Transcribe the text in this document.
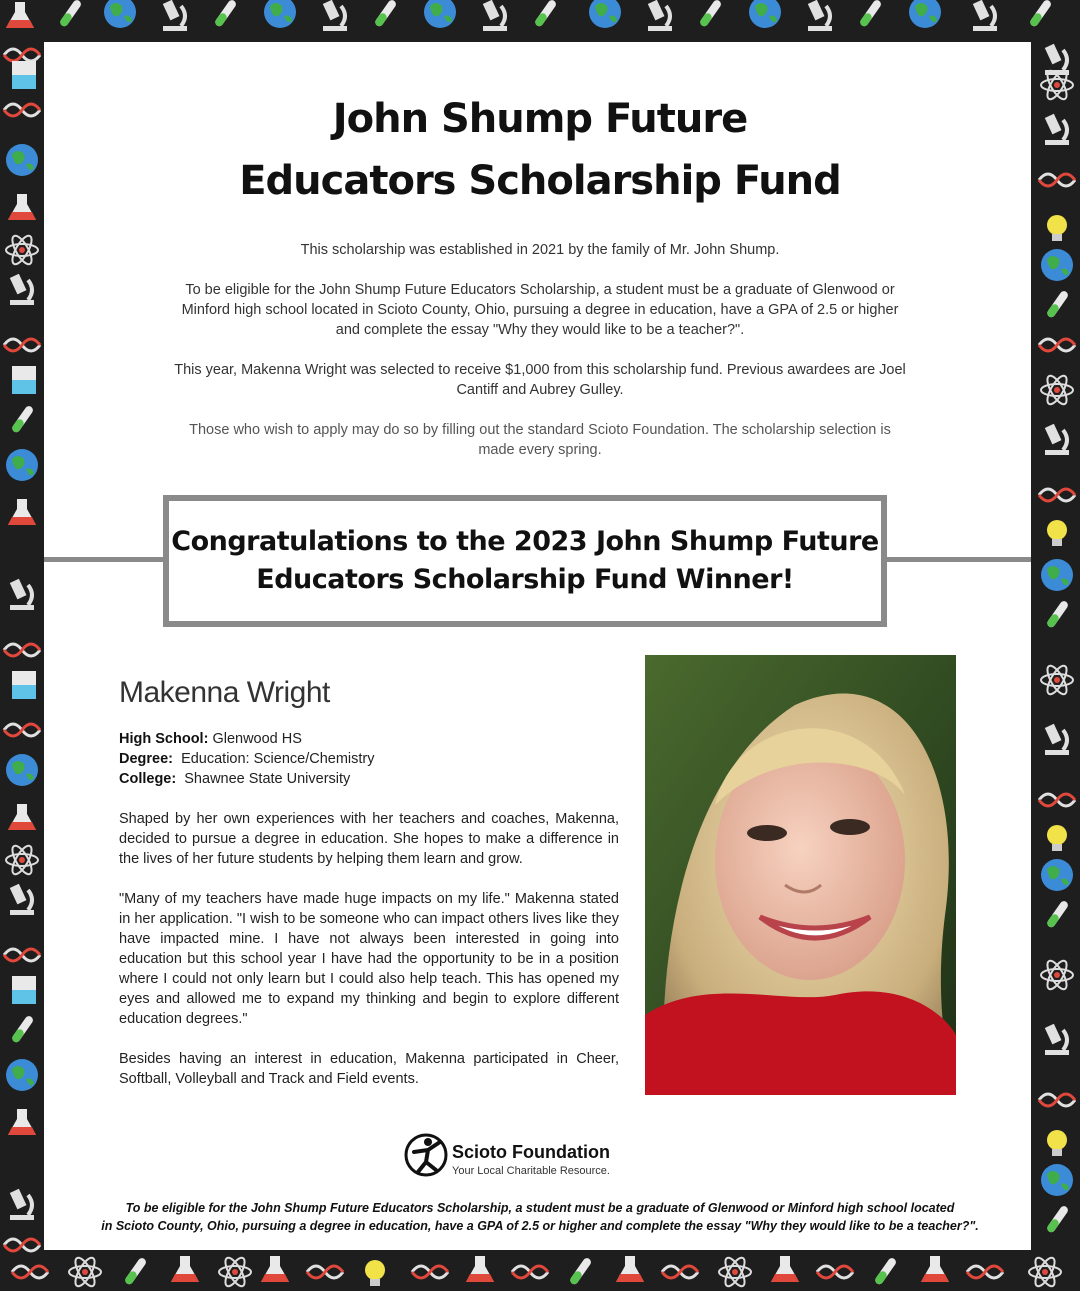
John Shump Future
Educators Scholarship Fund

This scholarship was established in 2021 by the family of Mr. John Shump.

To be eligible for the John Shump Future Educators Scholarship, a student must be a graduate of Glenwood or Minford high school located in Scioto County, Ohio, pursuing a degree in education, have a GPA of 2.5 or higher and complete the essay "Why they would like to be a teacher?".

This year, Makenna Wright was selected to receive $1,000 from this scholarship fund. Previous awardees are Joel Cantiff and Aubrey Gulley.

Those who wish to apply may do so by filling out the standard Scioto Foundation. The scholarship selection is made every spring.

Congratulations to the 2023 John Shump Future
Educators Scholarship Fund Winner!
Makenna Wright
High School: Glenwood HS
Degree: Education: Science/Chemistry
College: Shawnee State University

Shaped by her own experiences with her teachers and coaches, Makenna, decided to pursue a degree in education. She hopes to make a difference in the lives of her future students by helping them learn and grow.

"Many of my teachers have made huge impacts on my life." Makenna stated in her application. "I wish to be someone who can impact others lives like they have impacted mine. I have not always been interested in going into education but this school year I have had the opportunity to be in a position where I could not only learn but I could also help teach. This has opened my eyes and allowed me to expand my thinking and begin to explore different education degrees."

Besides having an interest in education, Makenna participated in Cheer, Softball, Volleyball and Track and Field events.

Scioto Foundation
Your Local Charitable Resource.
To be eligible for the John Shump Future Educators Scholarship, a student must be a graduate of Glenwood or Minford high school located
in Scioto County, Ohio, pursuing a degree in education, have a GPA of 2.5 or higher and complete the essay "Why they would like to be a teacher?".
